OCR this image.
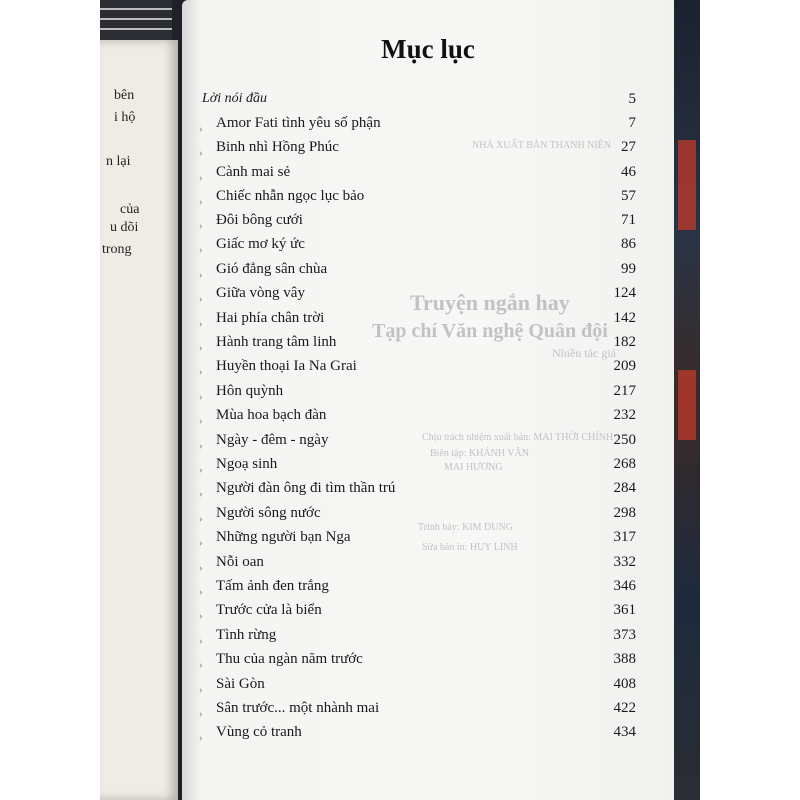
bên
i hộ
n lại
của
u dõi
trong
Mục lục
NHÀ XUẤT BẢN THANH NIÊN
Truyện ngắn hay
Tạp chí Văn nghệ Quân đội
Nhiều tác giả
Chịu trách nhiệm xuất bản: MAI THỜI CHÍNH
Biên tập: KHÁNH VÂN
MAI HƯƠNG
Trình bày: KIM DUNG
Sửa bản in: HUY LINH
Lời nói đầu	5
› Amor Fati tình yêu số phận	7
› Binh nhì Hồng Phúc	27
› Cành mai sẻ	46
› Chiếc nhẫn ngọc lục bảo	57
› Đôi bông cưới	71
› Giấc mơ ký ức	86
› Gió đẳng sân chùa	99
› Giữa vòng vây	124
› Hai phía chân trời	142
› Hành trang tâm linh	182
› Huyền thoại Ia Na Grai	209
› Hôn quỳnh	217
› Mùa hoa bạch đàn	232
› Ngày - đêm - ngày	250
› Ngoạ sinh	268
› Người đàn ông đi tìm thần trú	284
› Người sông nước	298
› Những người bạn Nga	317
› Nỗi oan	332
› Tấm ảnh đen trắng	346
› Trước cửa là biển	361
› Tình rừng	373
› Thu của ngàn năm trước	388
› Sài Gòn	408
› Sân trước... một nhành mai	422
› Vùng cỏ tranh	434
